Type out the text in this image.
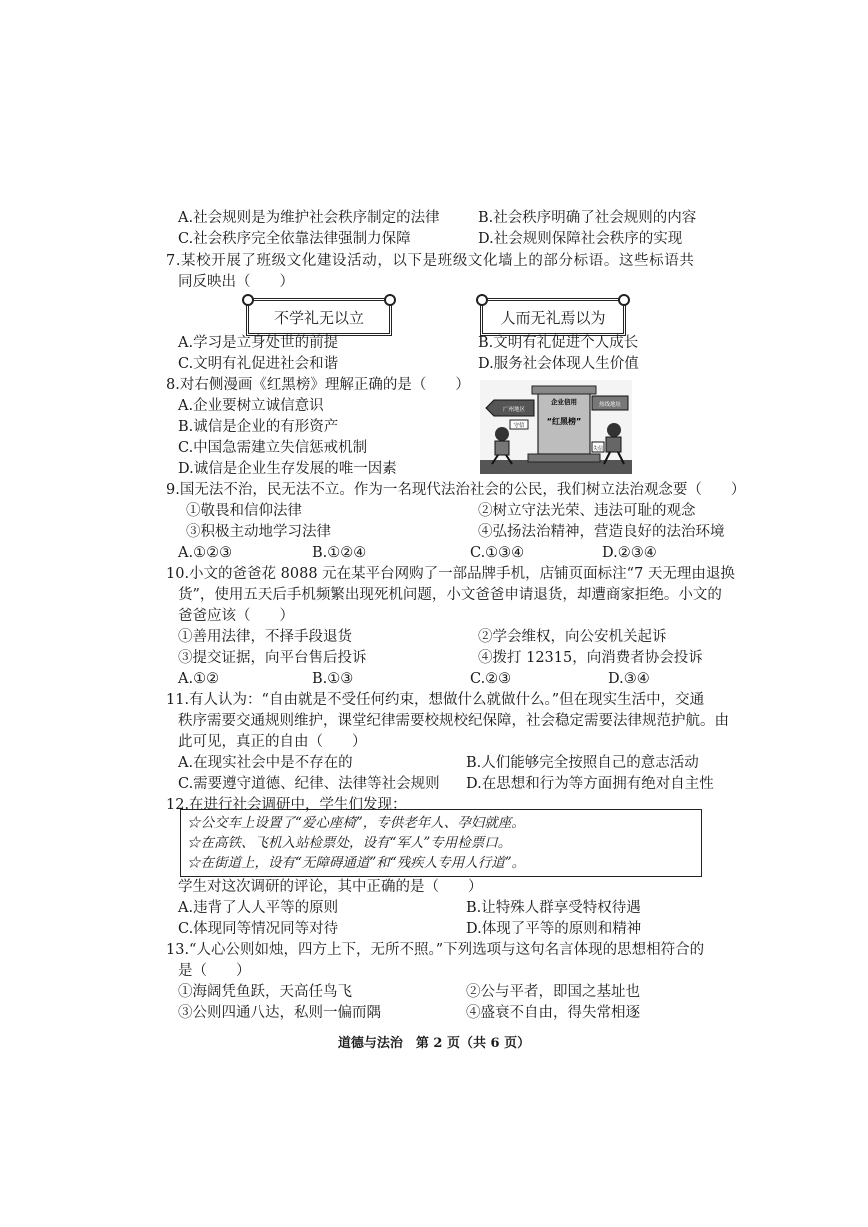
A.社会规则是为维护社会秩序制定的法律	B.社会秩序明确了社会规则的内容
C.社会秩序完全依靠法律强制力保障	D.社会规则保障社会秩序的实现
7.某校开展了班级文化建设活动，以下是班级文化墙上的部分标语。这些标语共
同反映出（　　）
不学礼无以立	人而无礼焉以为
A.学习是立身处世的前提	B.文明有礼促进个人成长
C.文明有礼促进社会和谐	D.服务社会体现人生价值
8.对右侧漫画《红黑榜》理解正确的是（　　）
A.企业要树立诚信意识
B.诚信是企业的有形资产
C.中国急需建立失信惩戒机制
D.诚信是企业生存发展的唯一因素
企业信用
“红黑榜”
广州地区
热线地址
守信
失信
9.国无法不治，民无法不立。作为一名现代法治社会的公民，我们树立法治观念要（　　）
①敬畏和信仰法律	②树立守法光荣、违法可耻的观念
③积极主动地学习法律	④弘扬法治精神，营造良好的法治环境
A.①②③	B.①②④	C.①③④	D.②③④
10.小文的爸爸花 8088 元在某平台网购了一部品牌手机，店铺页面标注“7 天无理由退换
货”，使用五天后手机频繁出现死机问题，小文爸爸申请退货，却遭商家拒绝。小文的
爸爸应该（　　）
①善用法律，不择手段退货	②学会维权，向公安机关起诉
③提交证据，向平台售后投诉	④拨打 12315，向消费者协会投诉
A.①②	B.①③	C.②③	D.③④
11.有人认为：“自由就是不受任何约束，想做什么就做什么。”但在现实生活中，交通
秩序需要交通规则维护，课堂纪律需要校规校纪保障，社会稳定需要法律规范护航。由
此可见，真正的自由（　　）
A.在现实社会中是不存在的	B.人们能够完全按照自己的意志活动
C.需要遵守道德、纪律、法律等社会规则 D.在思想和行为等方面拥有绝对自主性
12.在进行社会调研中，学生们发现：
☆公交车上设置了“爱心座椅”，专供老年人、孕妇就座。
☆在高铁、飞机入站检票处，设有“军人”专用检票口。
☆在街道上，设有“无障碍通道”和“残疾人专用人行道”。
学生对这次调研的评论，其中正确的是（　　）
A.违背了人人平等的原则	B.让特殊人群享受特权待遇
C.体现同等情况同等对待	D.体现了平等的原则和精神
13.“人心公则如烛，四方上下，无所不照。”下列选项与这句名言体现的思想相符合的
是（　　）
①海阔凭鱼跃，天高任鸟飞	②公与平者，即国之基址也
③公则四通八达，私则一偏而隅	④盛衰不自由，得失常相逐
道德与法治　第 2 页（共 6 页）
